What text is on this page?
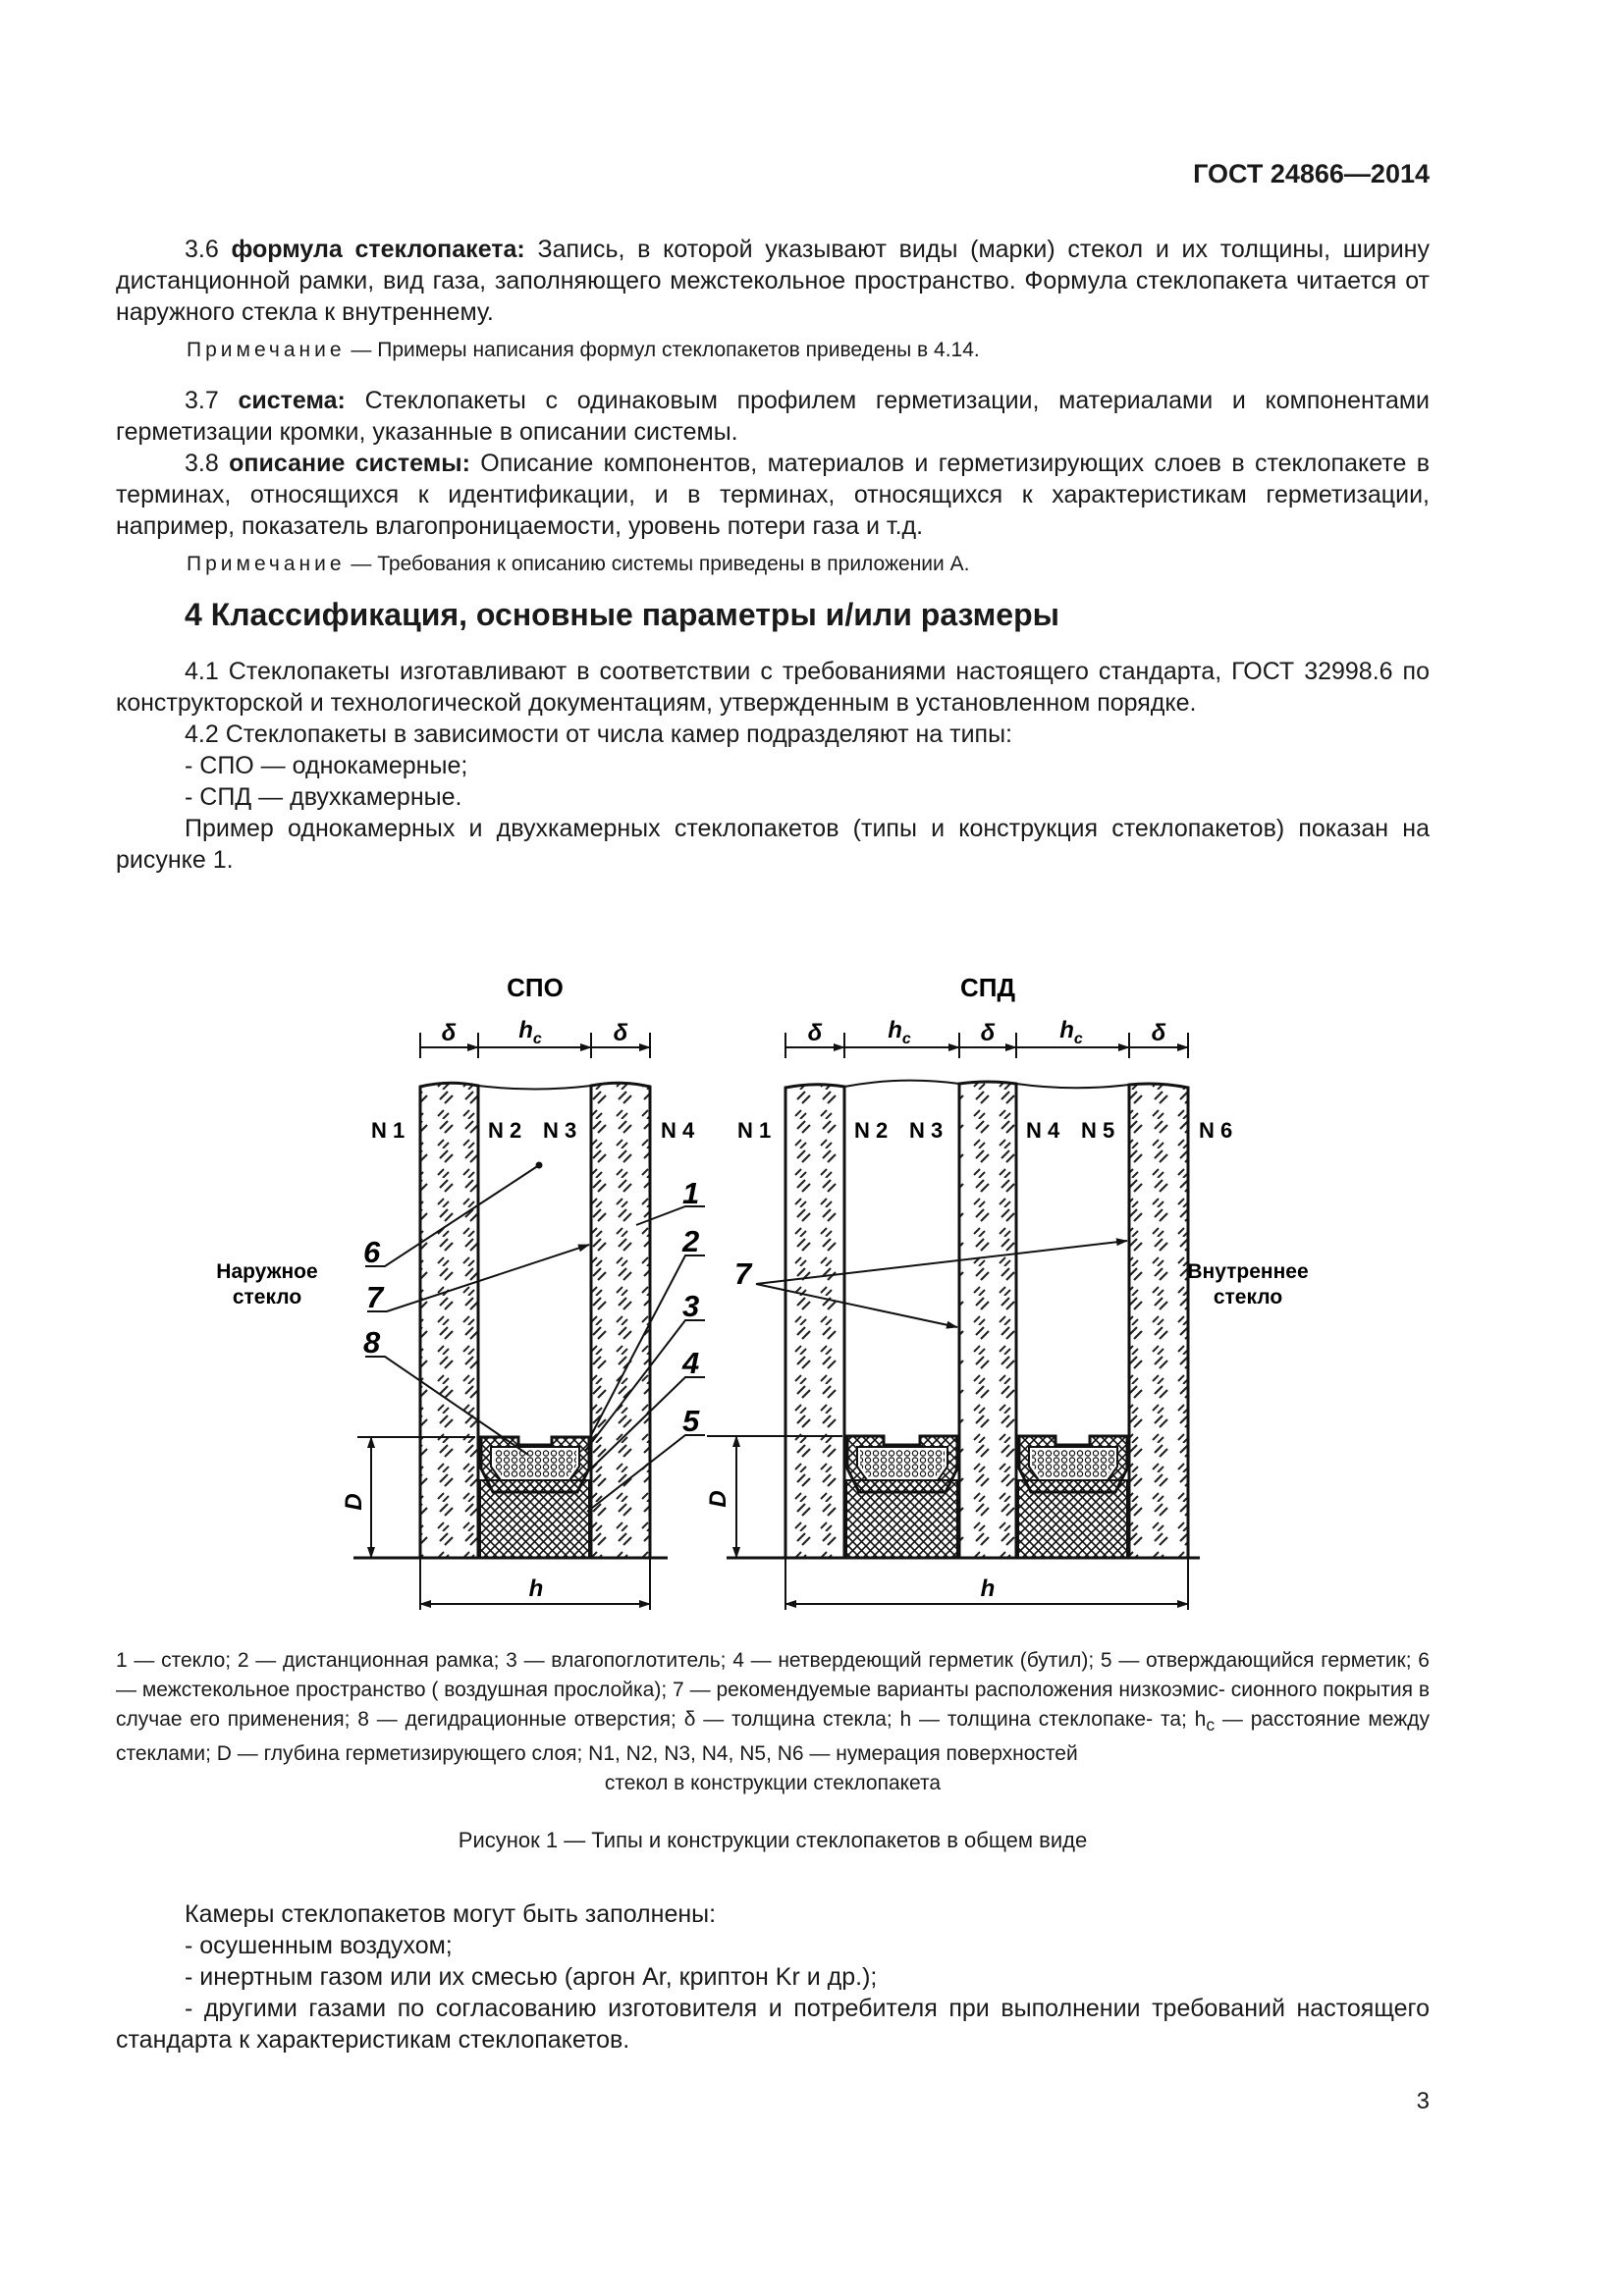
ГОСТ 24866—2014

3.6 формула стеклопакета: Запись, в которой указывают виды (марки) стекол и их толщины, ширину дистанционной рамки, вид газа, заполняющего межстекольное пространство. Формула стеклопакета читается от наружного стекла к внутреннему.

Примечание — Примеры написания формул стеклопакетов приведены в 4.14.

3.7 система: Стеклопакеты с одинаковым профилем герметизации, материалами и компонентами герметизации кромки, указанные в описании системы.

3.8 описание системы: Описание компонентов, материалов и герметизирующих слоев в стеклопакете в терминах, относящихся к идентификации, и в терминах, относящихся к характеристикам герметизации, например, показатель влагопроницаемости, уровень потери газа и т.д.

Примечание — Требования к описанию системы приведены в приложении А.

4 Классификация, основные параметры и/или размеры

4.1 Стеклопакеты изготавливают в соответствии с требованиями настоящего стандарта, ГОСТ 32998.6 по конструкторской и технологической документациям, утвержденным в установленном порядке.

4.2 Стеклопакеты в зависимости от числа камер подразделяют на типы:

- СПО — однокамерные;

- СПД — двухкамерные.

Пример однокамерных и двухкамерных стеклопакетов (типы и конструкция стеклопакетов) показан на рисунке 1.

СПО
δ	$h_c$	δ
D
h
N 1	N 2 N 3	N 4
Наружное
стекло
6
7
8
1
2
3
4
5
СПД
δ	$h_c$	δ	$h_c$	δ
D
h
N 1	N 2 N 3	N 4 N 5	N 6
Внутреннее
стекло
7
1 — стекло; 2 — дистанционная рамка; 3 — влагопоглотитель; 4 — нетвердеющий герметик (бутил); 5 — отверждающийся герметик; 6 — межстекольное пространство ( воздушная прослойка); 7 — рекомендуемые варианты расположения низкоэмис- сионного покрытия в случае его применения; 8 — дегидрационные отверстия; δ — толщина стекла; h — толщина стеклопаке- та; $h_c$ — расстояние между стеклами; D — глубина герметизирующего слоя; N1, N2, N3, N4, N5, N6 — нумерация поверхностей
стекол в конструкции стеклопакета
Рисунок 1 — Типы и конструкции стеклопакетов в общем виде

Камеры стеклопакетов могут быть заполнены:

- осушенным воздухом;

- инертным газом или их смесью (аргон Ar, криптон Kr и др.);

- другими газами по согласованию изготовителя и потребителя при выполнении требований настоящего стандарта к характеристикам стеклопакетов.

3
